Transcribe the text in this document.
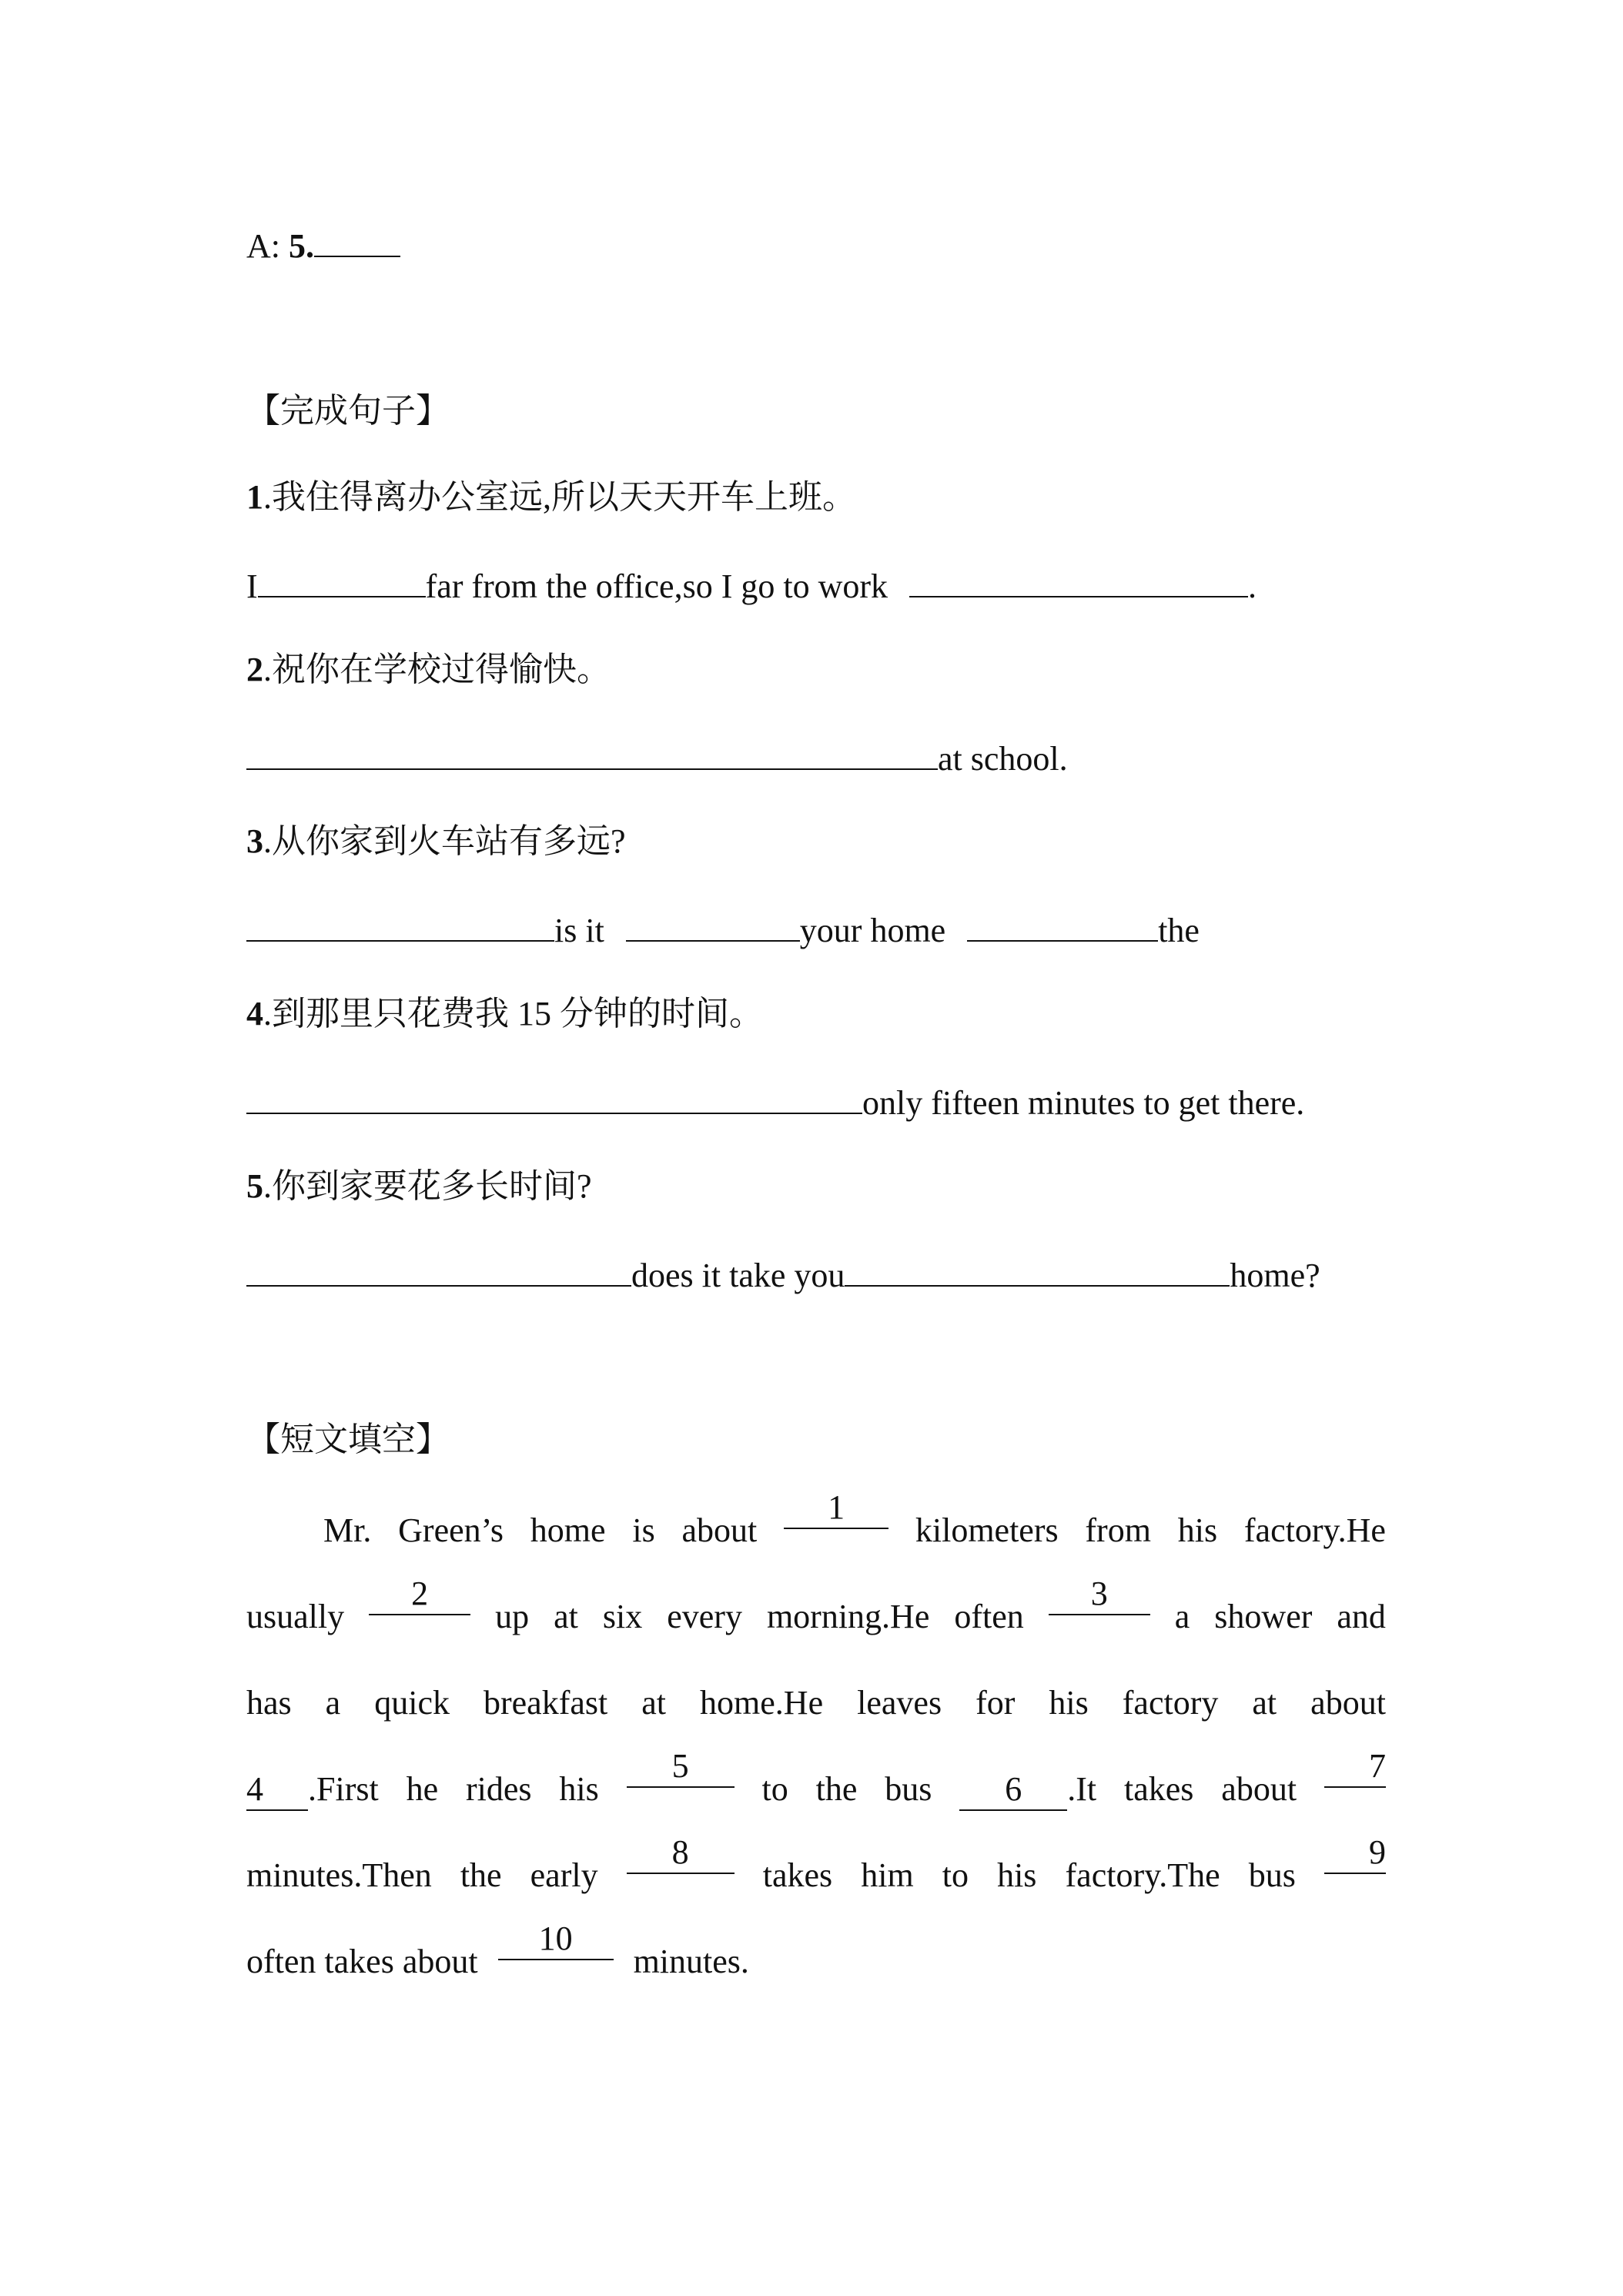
A: 5.
【完成句子】
1.我住得离办公室远,所以天天开车上班。
I	far from the office,so I go to work	.
2.祝你在学校过得愉快。
at school.
3.从你家到火车站有多远?
is it	your home	the
4.到那里只花费我 15 分钟的时间。
only fifteen minutes to get there.
5.你到家要花多长时间?
does it take you	home?
【短文填空】
Mr. Green’s home is about
1
kilometers from his factory.He
usually
2
up at six every morning.He often
3
a shower and
has a quick breakfast at home.He leaves for his factory at about
4 .First he rides his
5
to the bus	6 .It takes about
7
minutes.Then the early
8
takes him to his factory.The bus
9
often takes about
10
minutes.
